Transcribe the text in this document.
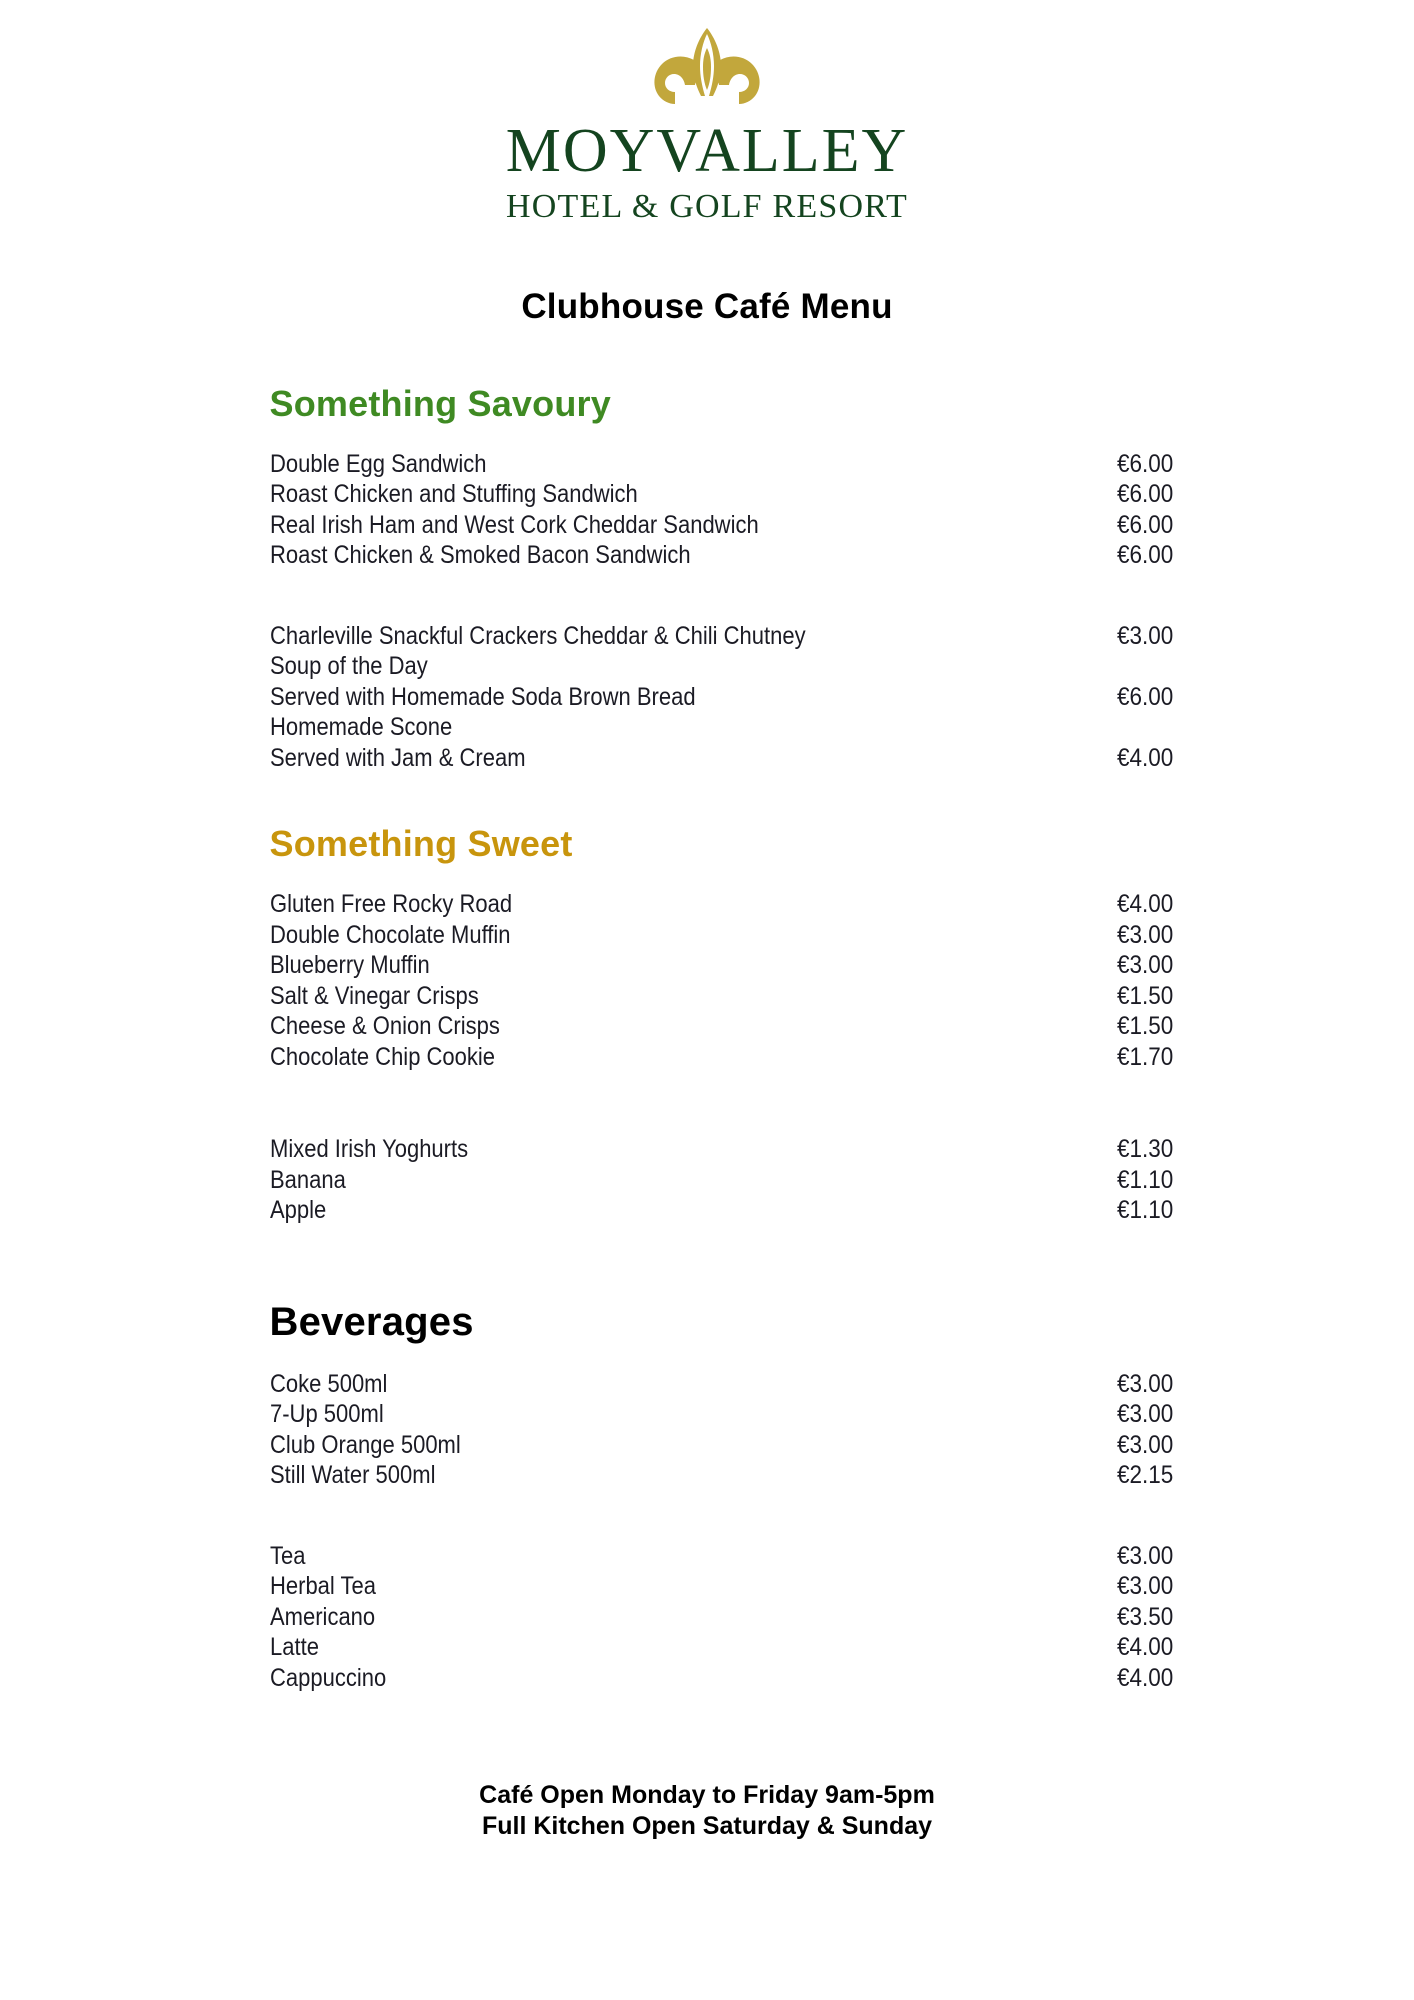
MOYVALLEY
HOTEL & GOLF RESORT
Clubhouse Café Menu
Something Savoury
Double Egg Sandwich	€6.00
Roast Chicken and Stuffing Sandwich	€6.00
Real Irish Ham and West Cork Cheddar Sandwich	€6.00
Roast Chicken & Smoked Bacon Sandwich	€6.00
Charleville Snackful Crackers Cheddar & Chili Chutney	€3.00
Soup of the Day
Served with Homemade Soda Brown Bread	€6.00
Homemade Scone
Served with Jam & Cream	€4.00
Something Sweet
Gluten Free Rocky Road	€4.00
Double Chocolate Muffin	€3.00
Blueberry Muffin	€3.00
Salt & Vinegar Crisps	€1.50
Cheese & Onion Crisps	€1.50
Chocolate Chip Cookie	€1.70
Mixed Irish Yoghurts	€1.30
Banana	€1.10
Apple	€1.10
Beverages
Coke 500ml	€3.00
7-Up 500ml	€3.00
Club Orange 500ml	€3.00
Still Water 500ml	€2.15
Tea	€3.00
Herbal Tea	€3.00
Americano	€3.50
Latte	€4.00
Cappuccino	€4.00
Café Open Monday to Friday 9am-5pm
Full Kitchen Open Saturday & Sunday
